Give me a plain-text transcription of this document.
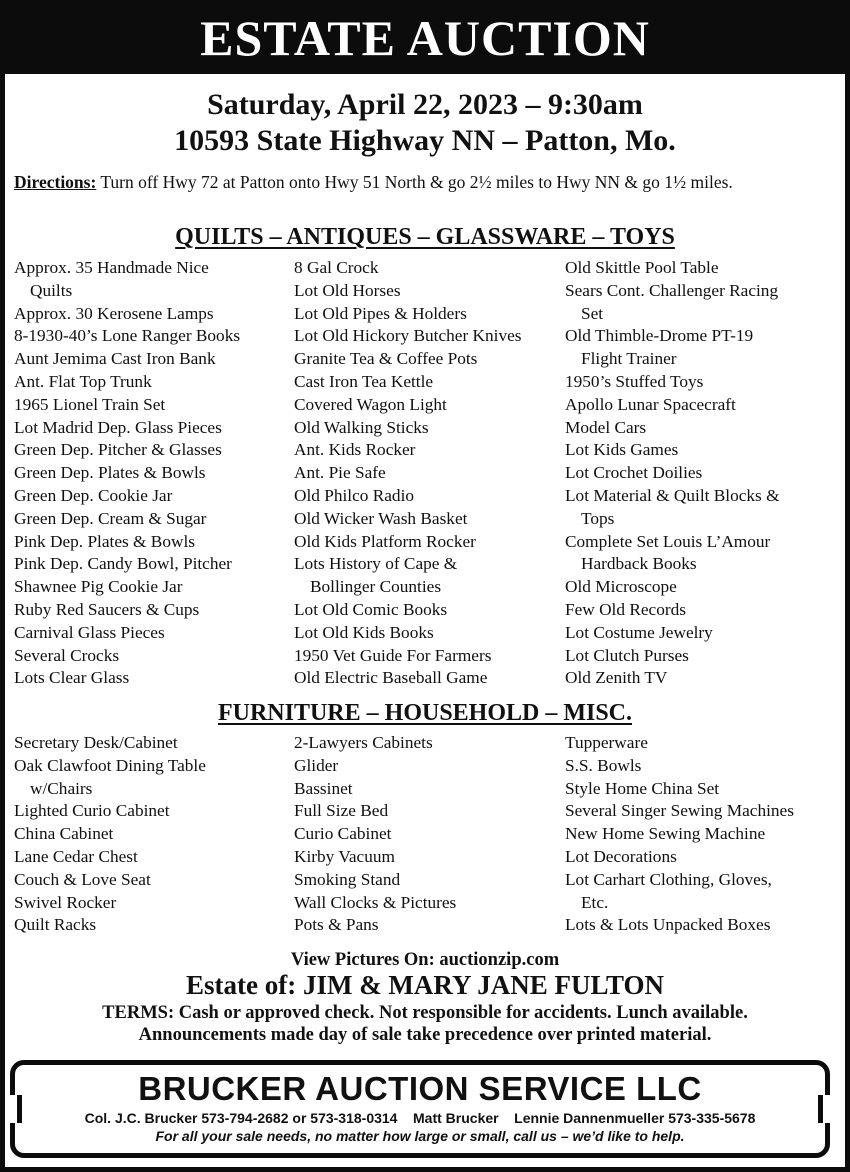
ESTATE AUCTION
Saturday, April 22, 2023 – 9:30am
10593 State Highway NN – Patton, Mo.
Directions: Turn off Hwy 72 at Patton onto Hwy 51 North & go 2½ miles to Hwy NN & go 1½ miles.
QUILTS – ANTIQUES – GLASSWARE – TOYS
Approx. 35 Handmade Nice
Quilts
Approx. 30 Kerosene Lamps
8-1930-40’s Lone Ranger Books
Aunt Jemima Cast Iron Bank
Ant. Flat Top Trunk
1965 Lionel Train Set
Lot Madrid Dep. Glass Pieces
Green Dep. Pitcher & Glasses
Green Dep. Plates & Bowls
Green Dep. Cookie Jar
Green Dep. Cream & Sugar
Pink Dep. Plates & Bowls
Pink Dep. Candy Bowl, Pitcher
Shawnee Pig Cookie Jar
Ruby Red Saucers & Cups
Carnival Glass Pieces
Several Crocks
Lots Clear Glass
8 Gal Crock
Lot Old Horses
Lot Old Pipes & Holders
Lot Old Hickory Butcher Knives
Granite Tea & Coffee Pots
Cast Iron Tea Kettle
Covered Wagon Light
Old Walking Sticks
Ant. Kids Rocker
Ant. Pie Safe
Old Philco Radio
Old Wicker Wash Basket
Old Kids Platform Rocker
Lots History of Cape &
Bollinger Counties
Lot Old Comic Books
Lot Old Kids Books
1950 Vet Guide For Farmers
Old Electric Baseball Game
Old Skittle Pool Table
Sears Cont. Challenger Racing
Set
Old Thimble-Drome PT-19
Flight Trainer
1950’s Stuffed Toys
Apollo Lunar Spacecraft
Model Cars
Lot Kids Games
Lot Crochet Doilies
Lot Material & Quilt Blocks &
Tops
Complete Set Louis L’Amour
Hardback Books
Old Microscope
Few Old Records
Lot Costume Jewelry
Lot Clutch Purses
Old Zenith TV
FURNITURE – HOUSEHOLD – MISC.
Secretary Desk/Cabinet
Oak Clawfoot Dining Table
w/Chairs
Lighted Curio Cabinet
China Cabinet
Lane Cedar Chest
Couch & Love Seat
Swivel Rocker
Quilt Racks
2-Lawyers Cabinets
Glider
Bassinet
Full Size Bed
Curio Cabinet
Kirby Vacuum
Smoking Stand
Wall Clocks & Pictures
Pots & Pans
Tupperware
S.S. Bowls
Style Home China Set
Several Singer Sewing Machines
New Home Sewing Machine
Lot Decorations
Lot Carhart Clothing, Gloves,
Etc.
Lots & Lots Unpacked Boxes
View Pictures On: auctionzip.com
Estate of: JIM & MARY JANE FULTON
TERMS: Cash or approved check. Not responsible for accidents. Lunch available.
Announcements made day of sale take precedence over printed material.
BRUCKER AUCTION SERVICE LLC
Col. J.C. Brucker 573-794-2682 or 573-318-0314    Matt Brucker    Lennie Dannenmueller 573-335-5678
For all your sale needs, no matter how large or small, call us – we’d like to help.
